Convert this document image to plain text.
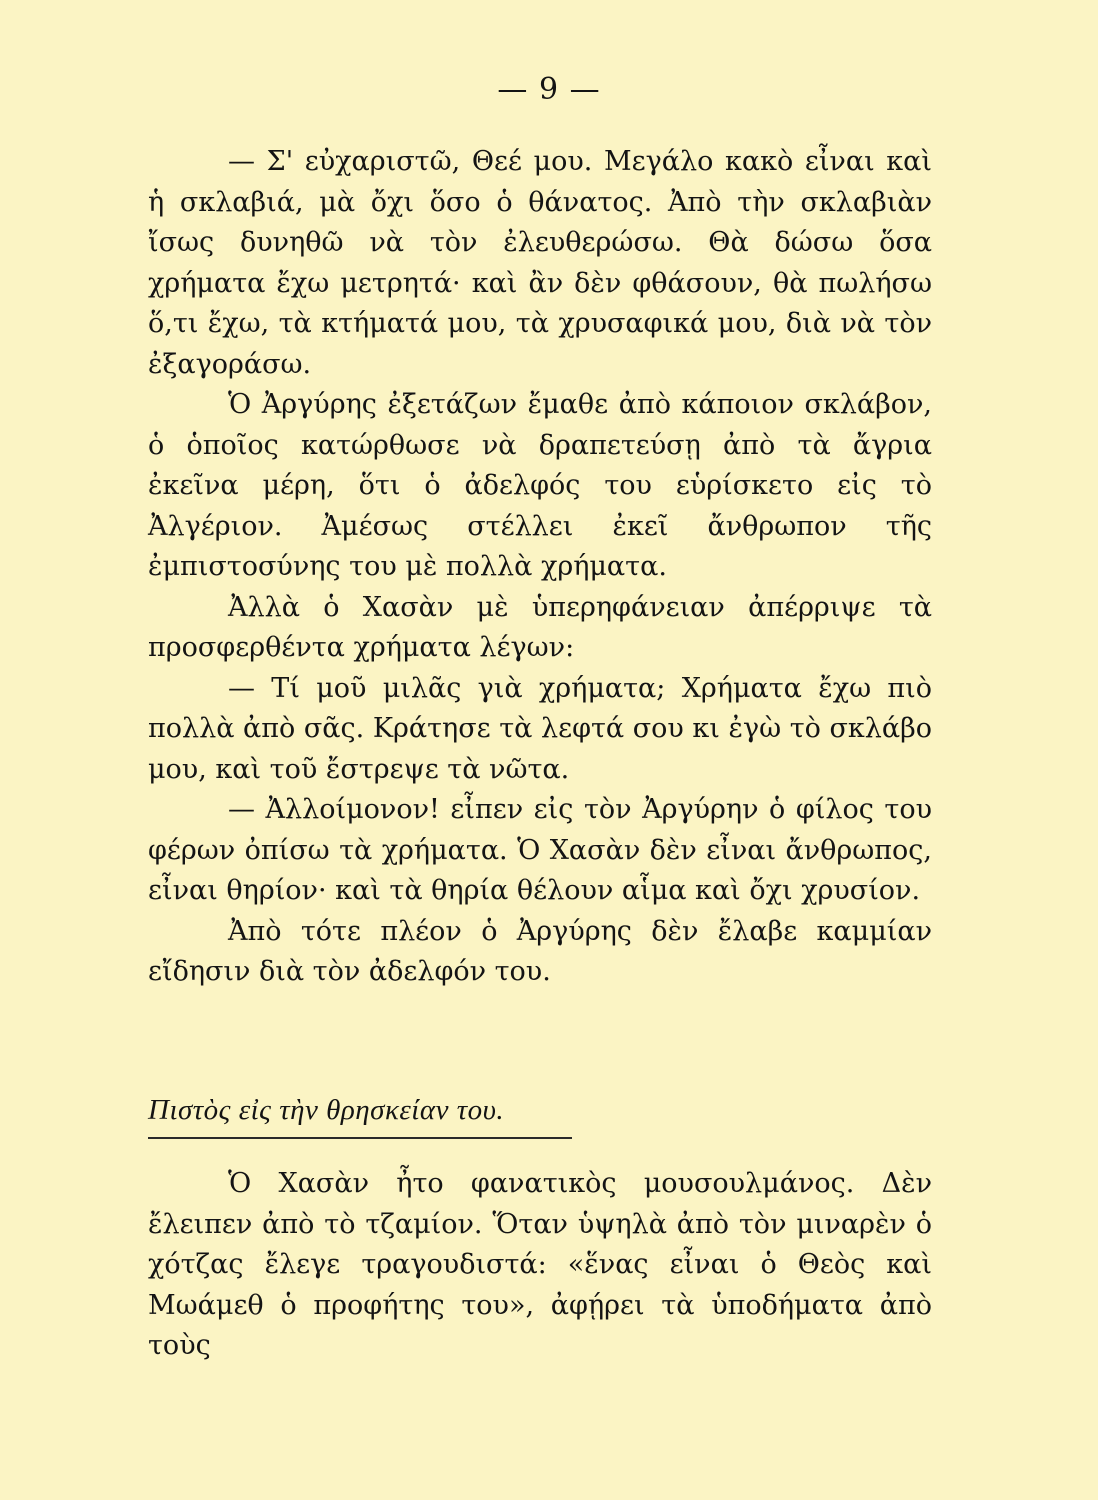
— 9 —

— Σ' εὐχαριστῶ, Θεέ μου. Μεγάλο κακὸ εἶναι καὶ ἡ σκλαβιά, μὰ ὄχι ὅσο ὁ θάνατος. Ἀπὸ τὴν σκλαβιὰν ἴσως δυνηθῶ νὰ τὸν ἐλευθερώσω. Θὰ δώσω ὅσα χρήματα ἔχω μετρητά· καὶ ἂν δὲν φθάσουν, θὰ πωλήσω ὅ,τι ἔχω, τὰ κτήματά μου, τὰ χρυσαφικά μου, διὰ νὰ τὸν ἐξαγοράσω.

Ὁ Ἀργύρης ἐξετάζων ἔμαθε ἀπὸ κάποιον σκλάβον, ὁ ὁποῖος κατώρθωσε νὰ δραπετεύσῃ ἀπὸ τὰ ἄγρια ἐκεῖνα μέρη, ὅτι ὁ ἀδελφός του εὑρίσκετο εἰς τὸ Ἀλγέριον. Ἀμέσως στέλλει ἐκεῖ ἄνθρωπον τῆς ἐμπιστοσύνης του μὲ πολλὰ χρήματα.

Ἀλλὰ ὁ Χασὰν μὲ ὑπερηφάνειαν ἀπέρριψε τὰ προσφερθέντα χρήματα λέγων:

— Τί μοῦ μιλᾶς γιὰ χρήματα; Χρήματα ἔχω πιὸ πολλὰ ἀπὸ σᾶς. Κράτησε τὰ λεφτά σου κι ἐγὼ τὸ σκλάβο μου, καὶ τοῦ ἔστρεψε τὰ νῶτα.

— Ἀλλοίμονον! εἶπεν εἰς τὸν Ἀργύρην ὁ φίλος του φέρων ὀπίσω τὰ χρήματα. Ὁ Χασὰν δὲν εἶναι ἄνθρωπος, εἶναι θηρίον· καὶ τὰ θηρία θέλουν αἷμα καὶ ὄχι χρυσίον.

Ἀπὸ τότε πλέον ὁ Ἀργύρης δὲν ἔλαβε καμμίαν εἴδησιν διὰ τὸν ἀδελφόν του.

Πιστὸς εἰς τὴν θρησκείαν του.

Ὁ Χασὰν ἦτο φανατικὸς μουσουλμάνος. Δὲν ἔλειπεν ἀπὸ τὸ τζαμίον. Ὅταν ὑψηλὰ ἀπὸ τὸν μιναρὲν ὁ χότζας ἔλεγε τραγουδιστά: «ἕνας εἶναι ὁ Θεὸς καὶ Μωάμεθ ὁ προφήτης του», ἀφῄρει τὰ ὑποδήματα ἀπὸ τοὺς
